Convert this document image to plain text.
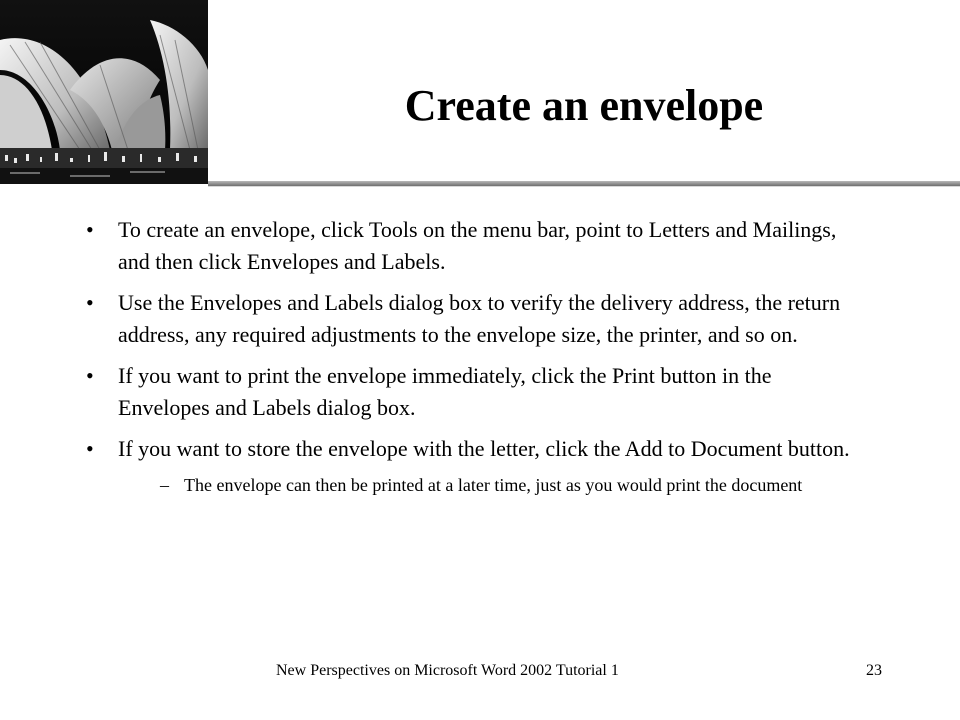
Create an envelope
• To create an envelope, click Tools on the menu bar, point to Letters and Mailings, and then click Envelopes and Labels.
• Use the Envelopes and Labels dialog box to verify the delivery address, the return address, any required adjustments to the envelope size, the printer, and so on.
• If you want to print the envelope immediately, click the Print button in the Envelopes and Labels dialog box.
• If you want to store the envelope with the letter, click the Add to Document button.
– The envelope can then be printed at a later time, just as you would print the document
New Perspectives on Microsoft Word 2002 Tutorial 1	23
